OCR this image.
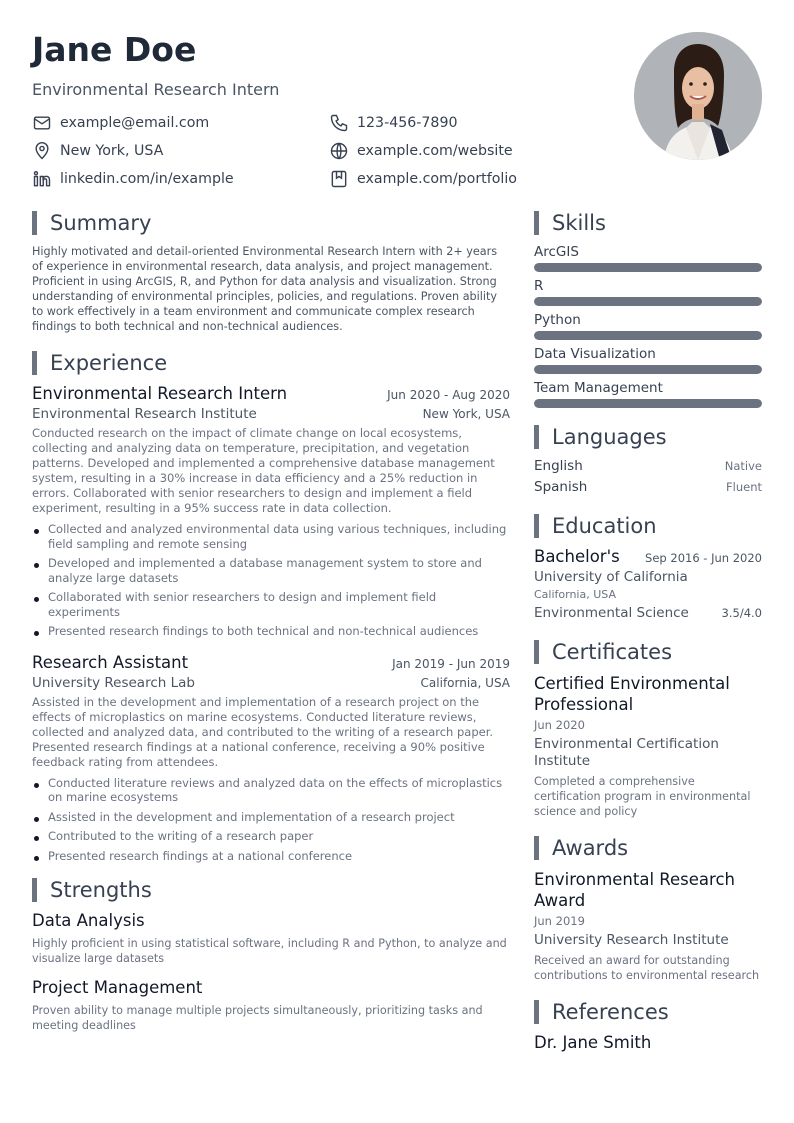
Jane Doe
Environmental Research Intern
example@email.com	123-456-7890
New York, USA	example.com/website
linkedin.com/in/example	example.com/portfolio
Summary
Highly motivated and detail-oriented Environmental Research Intern with 2+ years of experience in environmental research, data analysis, and project management. Proficient in using ArcGIS, R, and Python for data analysis and visualization. Strong understanding of environmental principles, policies, and regulations. Proven ability to work effectively in a team environment and communicate complex research findings to both technical and non-technical audiences.
Experience
Environmental Research Intern	Jun 2020 - Aug 2020
Environmental Research Institute	New York, USA
Conducted research on the impact of climate change on local ecosystems, collecting and analyzing data on temperature, precipitation, and vegetation patterns. Developed and implemented a comprehensive database management system, resulting in a 30% increase in data efficiency and a 25% reduction in errors. Collaborated with senior researchers to design and implement a field experiment, resulting in a 95% success rate in data collection.
Collected and analyzed environmental data using various techniques, including field sampling and remote sensing
Developed and implemented a database management system to store and analyze large datasets
Collaborated with senior researchers to design and implement field experiments
Presented research findings to both technical and non-technical audiences
Research Assistant	Jan 2019 - Jun 2019
University Research Lab	California, USA
Assisted in the development and implementation of a research project on the effects of microplastics on marine ecosystems. Conducted literature reviews, collected and analyzed data, and contributed to the writing of a research paper. Presented research findings at a national conference, receiving a 90% positive feedback rating from attendees.
Conducted literature reviews and analyzed data on the effects of microplastics on marine ecosystems
Assisted in the development and implementation of a research project
Contributed to the writing of a research paper
Presented research findings at a national conference
Strengths
Data Analysis
Highly proficient in using statistical software, including R and Python, to analyze and visualize large datasets
Project Management
Proven ability to manage multiple projects simultaneously, prioritizing tasks and meeting deadlines
Skills
ArcGIS
R
Python
Data Visualization
Team Management
Languages
English	Native
Spanish	Fluent
Education
Bachelor's Sep 2016 - Jun 2020
University of California
California, USA
Environmental Science	3.5/4.0
Certificates
Certified Environmental Professional
Jun 2020
Environmental Certification Institute
Completed a comprehensive certification program in environmental science and policy
Awards
Environmental Research Award
Jun 2019
University Research Institute
Received an award for outstanding contributions to environmental research
References
Dr. Jane Smith
